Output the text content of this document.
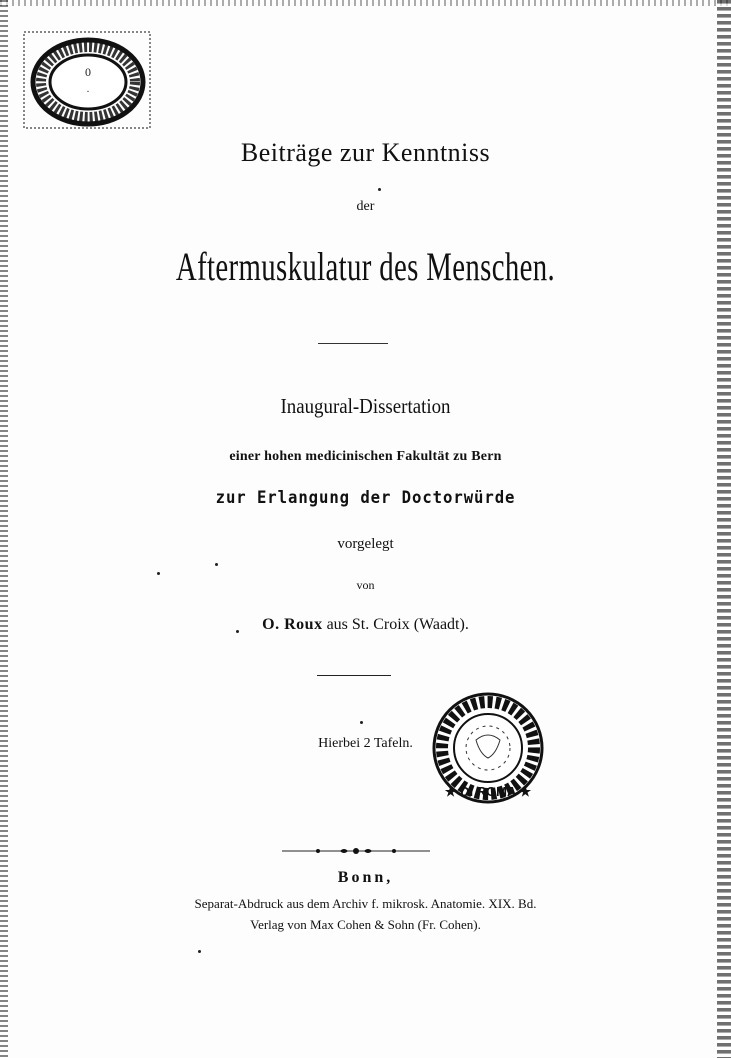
0
.
Beiträge zur Kenntniss
der
Aftermuskulatur des Menschen.
Inaugural-Dissertation
einer hohen medicinischen Fakultät zu Bern
zur Erlangung der Doctorwürde
vorgelegt
von
O. Roux aus St. Croix (Waadt).
Hierbei 2 Tafeln.
★ DI ROMA ★
Bonn,
Separat-Abdruck aus dem Archiv f. mikrosk. Anatomie. XIX. Bd.
Verlag von Max Cohen & Sohn (Fr. Cohen).
